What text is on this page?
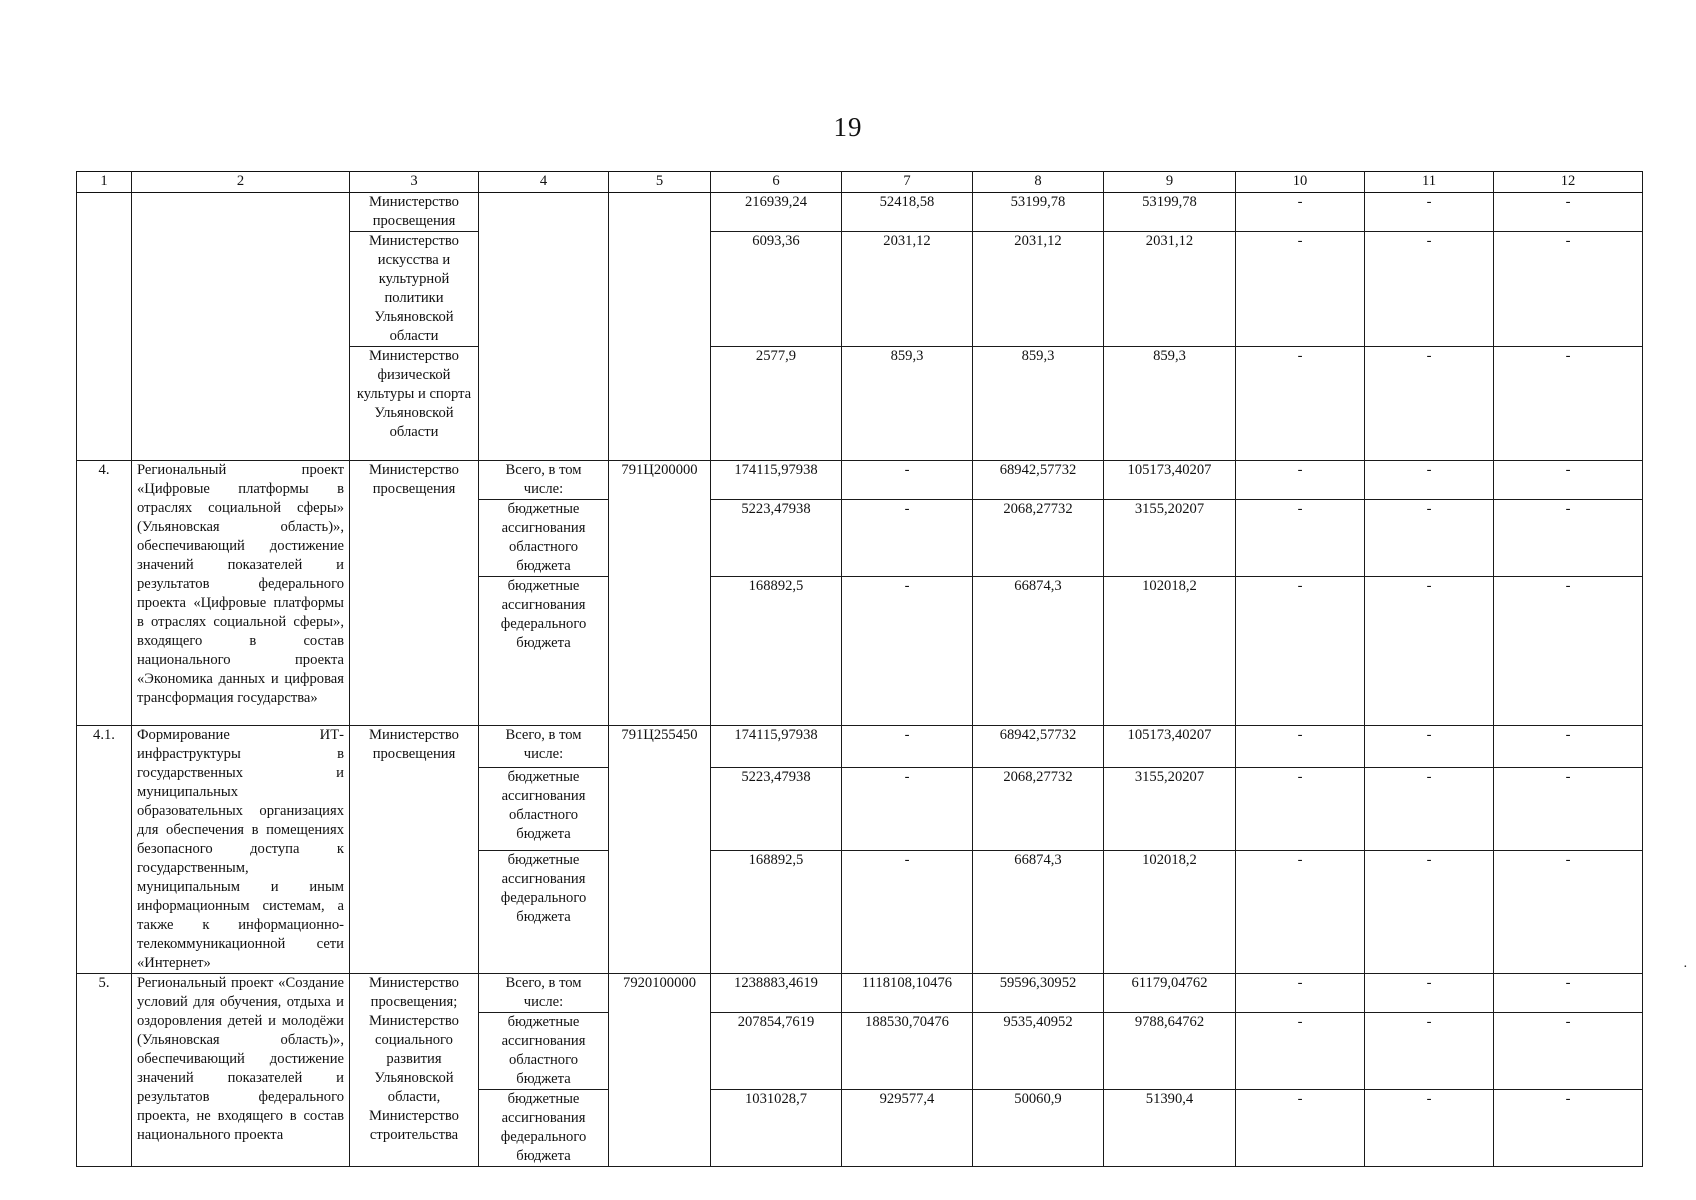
19
1	2	3	4	5	6	7	8	9	10	11	12
		Министерство просвещения			216939,24	52418,58	53199,78	53199,78	-	-	-
		Министерство искусства и культурной политики Ульяновской области			6093,36	2031,12	2031,12	2031,12	-	-	-
		Министерство физической культуры и спорта Ульяновской области			2577,9	859,3	859,3	859,3	-	-	-
4.	Региональный проект «Цифровые платформы в отраслях социальной сферы» (Ульяновская область)», обеспечивающий достижение значений показателей и результатов федерального проекта «Цифровые платформы в отраслях социальной сферы», входящего в состав национального проекта «Экономика данных и цифровая трансформация государства»	Министерство просвещения	Всего, в том числе:	791Ц200000	174115,97938	-	68942,57732	105173,40207	-	-	-
			бюджетные ассигнования областного бюджета		5223,47938	-	2068,27732	3155,20207	-	-	-
			бюджетные ассигнования федерального бюджета		168892,5	-	66874,3	102018,2	-	-	-
4.1.	Формирование ИТ-инфраструктуры в государственных и муниципальных образовательных организациях для обеспечения в помещениях безопасного доступа к государственным, муниципальным и иным информационным системам, а также к информационно-телекоммуникационной сети «Интернет»	Министерство просвещения	Всего, в том числе:	791Ц255450	174115,97938	-	68942,57732	105173,40207	-	-	-
			бюджетные ассигнования областного бюджета		5223,47938	-	2068,27732	3155,20207	-	-	-
			бюджетные ассигнования федерального бюджета		168892,5	-	66874,3	102018,2	-	-	-
5.	Региональный проект «Создание условий для обучения, отдыха и оздоровления детей и молодёжи (Ульяновская область)», обеспечивающий достижение значений показателей и результатов федерального проекта, не входящего в состав национального проекта	Министерство просвещения; Министерство социального развития Ульяновской области, Министерство строительства	Всего, в том числе:	7920100000	1238883,4619	1118108,10476	59596,30952	61179,04762	-	-	-
			бюджетные ассигнования областного бюджета		207854,7619	188530,70476	9535,40952	9788,64762	-	-	-
			бюджетные ассигнования федерального бюджета		1031028,7	929577,4	50060,9	51390,4	-	-	-
·
